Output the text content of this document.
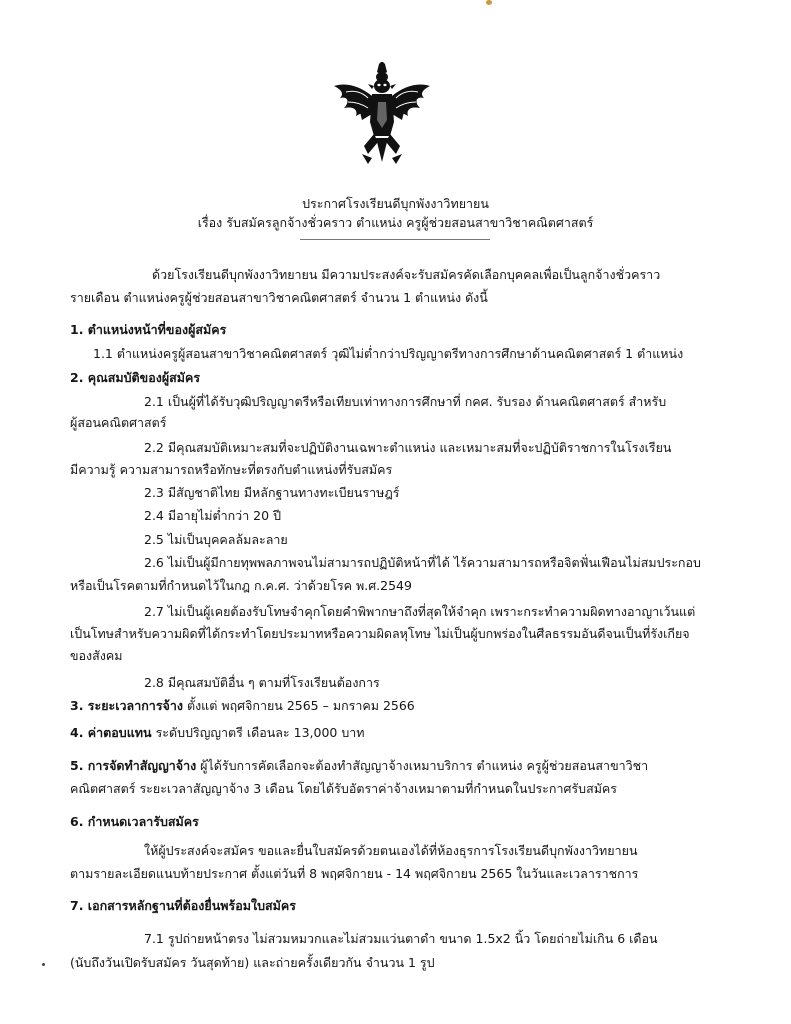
ประกาศโรงเรียนดีบุกพังงาวิทยายน
เรื่อง รับสมัครลูกจ้างชั่วคราว ตำแหน่ง ครูผู้ช่วยสอนสาขาวิชาคณิตศาสตร์
ด้วยโรงเรียนดีบุกพังงาวิทยายน มีความประสงค์จะรับสมัครคัดเลือกบุคคลเพื่อเป็นลูกจ้างชั่วคราว
รายเดือน ตำแหน่งครูผู้ช่วยสอนสาขาวิชาคณิตศาสตร์ จำนวน 1 ตำแหน่ง ดังนี้
1. ตำแหน่งหน้าที่ของผู้สมัคร
1.1 ตำแหน่งครูผู้สอนสาขาวิชาคณิตศาสตร์ วุฒิไม่ต่ำกว่าปริญญาตรีทางการศึกษาด้านคณิตศาสตร์ 1 ตำแหน่ง
2. คุณสมบัติของผู้สมัคร
2.1 เป็นผู้ที่ได้รับวุฒิปริญญาตรีหรือเทียบเท่าทางการศึกษาที่ กคศ. รับรอง ด้านคณิตศาสตร์ สำหรับ
ผู้สอนคณิตศาสตร์
2.2 มีคุณสมบัติเหมาะสมที่จะปฏิบัติงานเฉพาะตำแหน่ง และเหมาะสมที่จะปฏิบัติราชการในโรงเรียน
มีความรู้ ความสามารถหรือทักษะที่ตรงกับตำแหน่งที่รับสมัคร
2.3 มีสัญชาติไทย มีหลักฐานทางทะเบียนราษฎร์
2.4 มีอายุไม่ต่ำกว่า 20 ปี
2.5 ไม่เป็นบุคคลล้มละลาย
2.6 ไม่เป็นผู้มีกายทุพพลภาพจนไม่สามารถปฏิบัติหน้าที่ได้ ไร้ความสามารถหรือจิตฟั่นเฟือนไม่สมประกอบ
หรือเป็นโรคตามที่กำหนดไว้ในกฎ ก.ค.ศ. ว่าด้วยโรค พ.ศ.2549
2.7 ไม่เป็นผู้เคยต้องรับโทษจำคุกโดยคำพิพากษาถึงที่สุดให้จำคุก เพราะกระทำความผิดทางอาญาเว้นแต่
เป็นโทษสำหรับความผิดที่ได้กระทำโดยประมาทหรือความผิดลหุโทษ ไม่เป็นผู้บกพร่องในศีลธรรมอันดีจนเป็นที่รังเกียจ
ของสังคม
2.8 มีคุณสมบัติอื่น ๆ ตามที่โรงเรียนต้องการ
3. ระยะเวลาการจ้าง ตั้งแต่ พฤศจิกายน 2565 – มกราคม 2566
4. ค่าตอบแทน ระดับปริญญาตรี เดือนละ 13,000 บาท
5. การจัดทำสัญญาจ้าง ผู้ได้รับการคัดเลือกจะต้องทำสัญญาจ้างเหมาบริการ ตำแหน่ง ครูผู้ช่วยสอนสาขาวิชา
คณิตศาสตร์ ระยะเวลาสัญญาจ้าง 3 เดือน โดยได้รับอัตราค่าจ้างเหมาตามที่กำหนดในประกาศรับสมัคร
6. กำหนดเวลารับสมัคร
ให้ผู้ประสงค์จะสมัคร ขอและยื่นใบสมัครด้วยตนเองได้ที่ห้องธุรการโรงเรียนดีบุกพังงาวิทยายน
ตามรายละเอียดแนบท้ายประกาศ ตั้งแต่วันที่ 8 พฤศจิกายน - 14 พฤศจิกายน 2565 ในวันและเวลาราชการ
7. เอกสารหลักฐานที่ต้องยื่นพร้อมใบสมัคร
7.1 รูปถ่ายหน้าตรง ไม่สวมหมวกและไม่สวมแว่นตาดำ ขนาด 1.5x2 นิ้ว โดยถ่ายไม่เกิน 6 เดือน
(นับถึงวันเปิดรับสมัคร วันสุดท้าย) และถ่ายครั้งเดียวกัน จำนวน 1 รูป
